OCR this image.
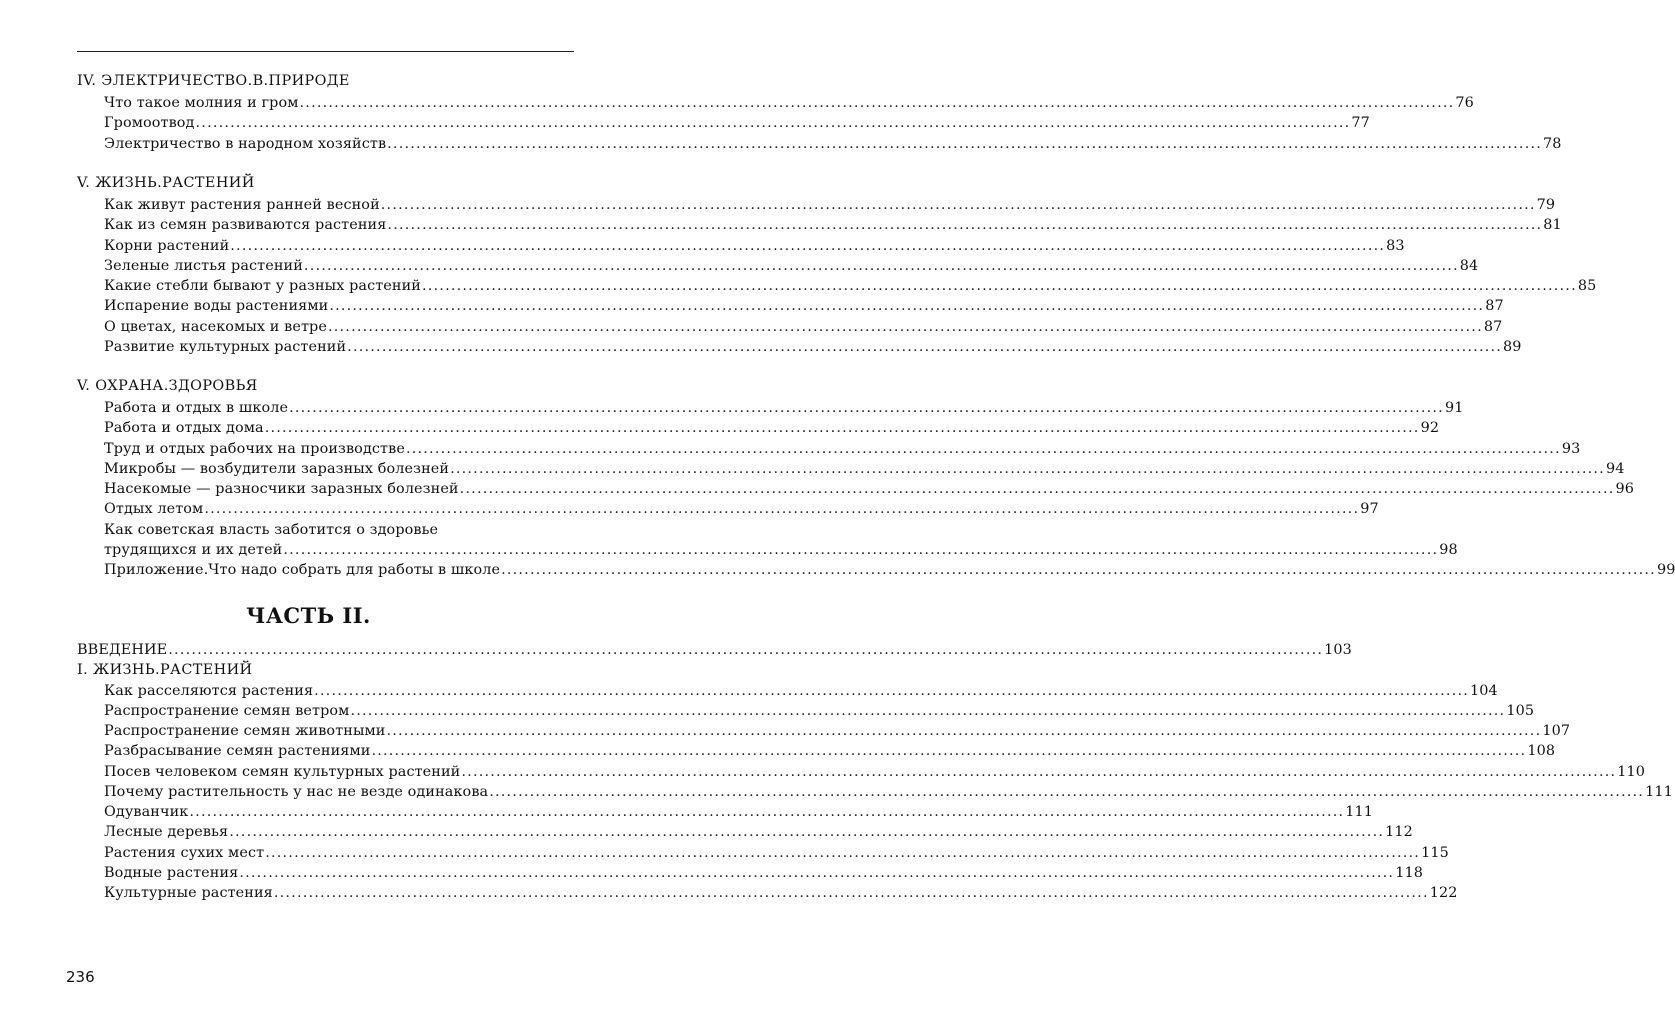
IV. ЭЛЕКТРИЧЕСТВО.В.ПРИРОДЕ
Что такое молния и гром ........................................................................................................................................................................................................ 76
Громоотвод ........................................................................................................................................................................................................ 77
Электричество в народном хозяйств ........................................................................................................................................................................................................ 78
V. ЖИЗНЬ.РАСТЕНИЙ
Как живут растения ранней весной ........................................................................................................................................................................................................ 79
Как из семян развиваются растения ........................................................................................................................................................................................................ 81
Корни растений ........................................................................................................................................................................................................ 83
Зеленые листья растений ........................................................................................................................................................................................................ 84
Какие стебли бывают у разных растений ........................................................................................................................................................................................................ 85
Испарение воды растениями ........................................................................................................................................................................................................ 87
О цветах, насекомых и ветре ........................................................................................................................................................................................................ 87
Развитие культурных растений ........................................................................................................................................................................................................ 89
V. ОХРАНА.ЗДОРОВЬЯ
Работа и отдых в школе ........................................................................................................................................................................................................ 91
Работа и отдых дома ........................................................................................................................................................................................................ 92
Труд и отдых рабочих на производстве ........................................................................................................................................................................................................ 93
Микробы — возбудители заразных болезней ........................................................................................................................................................................................................ 94
Насекомые — разносчики заразных болезней ........................................................................................................................................................................................................ 96
Отдых летом ........................................................................................................................................................................................................ 97
Как советская власть заботится о здоровье
трудящихся и их детей ........................................................................................................................................................................................................ 98
Приложение.Что надо собрать для работы в школе ........................................................................................................................................................................................................ 99
ВВЕДЕНИЕ ........................................................................................................................................................................................................ 103
I. ЖИЗНЬ.РАСТЕНИЙ
Как расселяются растения ........................................................................................................................................................................................................ 104
Распространение семян ветром ........................................................................................................................................................................................................ 105
Распространение семян животными ........................................................................................................................................................................................................ 107
Разбрасывание семян растениями ........................................................................................................................................................................................................ 108
Посев человеком семян культурных растений ........................................................................................................................................................................................................ 110
Почему растительность у нас не везде одинакова ........................................................................................................................................................................................................ 111
Одуванчик ........................................................................................................................................................................................................ 111
Лесные деревья ........................................................................................................................................................................................................ 112
Растения сухих мест ........................................................................................................................................................................................................ 115
Водные растения ........................................................................................................................................................................................................ 118
Культурные растения ........................................................................................................................................................................................................ 122
ЧАСТЬ II.
236
